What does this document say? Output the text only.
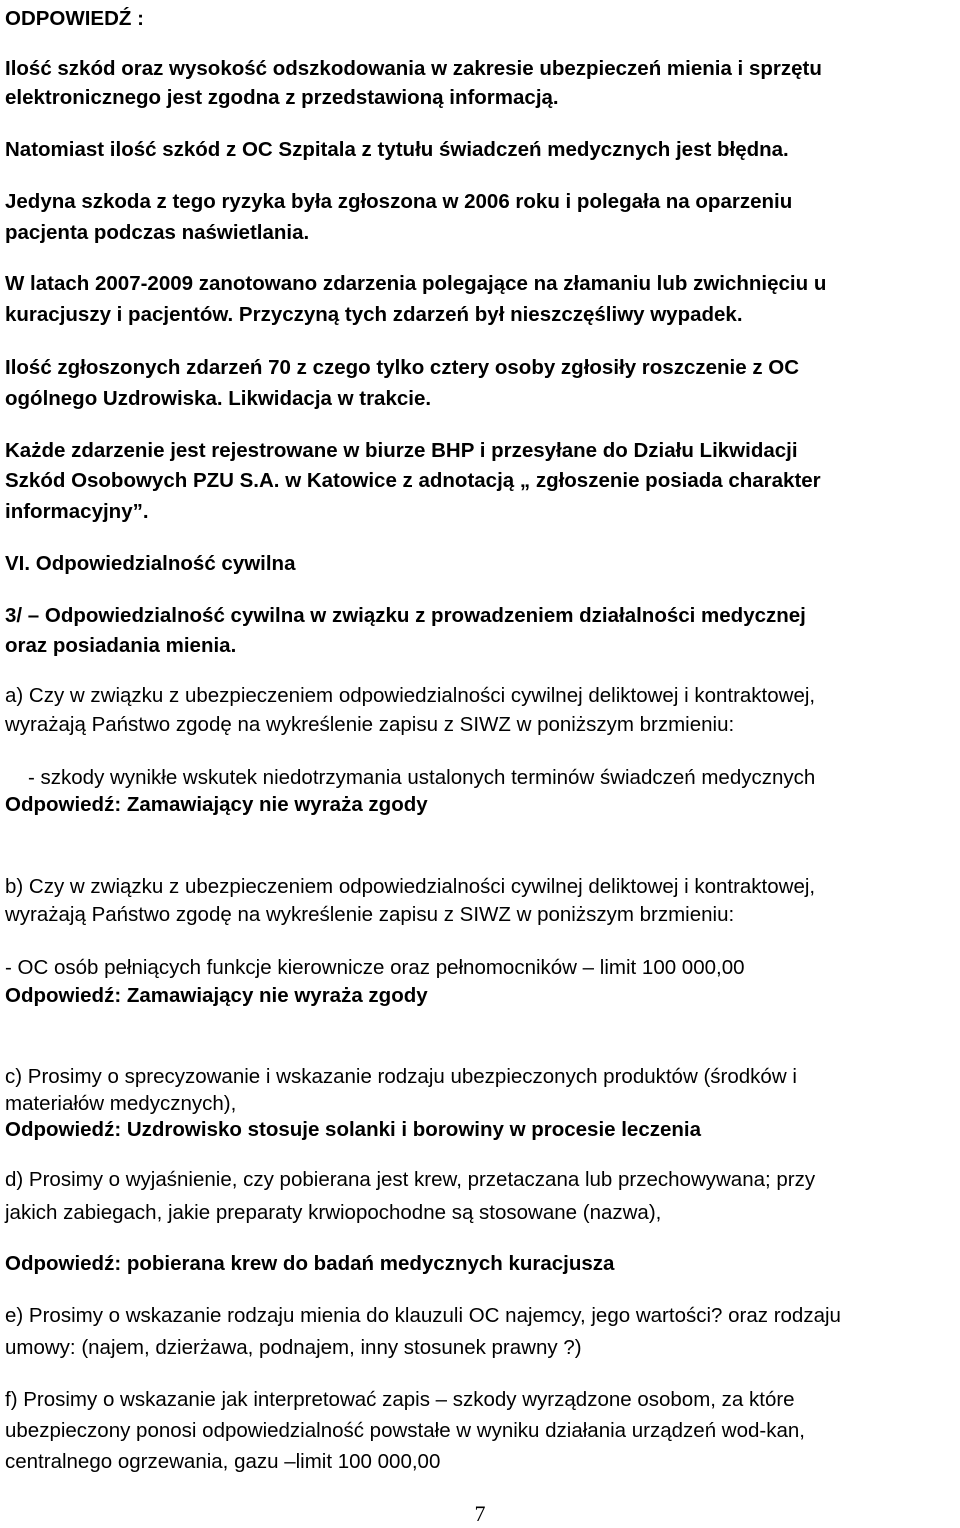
ODPOWIEDŹ :

Ilość szkód oraz wysokość odszkodowania w zakresie ubezpieczeń mienia i sprzętu

elektronicznego jest zgodna z przedstawioną informacją.

Natomiast ilość szkód z OC Szpitala z tytułu świadczeń medycznych jest błędna.

Jedyna szkoda z tego ryzyka była zgłoszona w 2006 roku i polegała na oparzeniu

pacjenta podczas naświetlania.

W latach 2007-2009 zanotowano zdarzenia polegające na złamaniu lub zwichnięciu u

kuracjuszy i pacjentów. Przyczyną tych zdarzeń był nieszczęśliwy wypadek.

Ilość zgłoszonych zdarzeń 70 z czego tylko cztery osoby zgłosiły roszczenie z OC

ogólnego Uzdrowiska. Likwidacja w trakcie.

Każde zdarzenie jest rejestrowane w biurze BHP i przesyłane do Działu Likwidacji

Szkód Osobowych PZU S.A. w Katowice z adnotacją „ zgłoszenie posiada charakter

informacyjny”.

VI. Odpowiedzialność cywilna

3/ – Odpowiedzialność cywilna w związku z prowadzeniem działalności medycznej

oraz posiadania mienia.

a) Czy w związku z ubezpieczeniem odpowiedzialności cywilnej deliktowej i kontraktowej,

wyrażają Państwo zgodę na wykreślenie zapisu z SIWZ w poniższym brzmieniu:

- szkody wynikłe wskutek niedotrzymania ustalonych terminów świadczeń medycznych

Odpowiedź: Zamawiający nie wyraża zgody

b) Czy w związku z ubezpieczeniem odpowiedzialności cywilnej deliktowej i kontraktowej,

wyrażają Państwo zgodę na wykreślenie zapisu z SIWZ w poniższym brzmieniu:

- OC osób pełniących funkcje kierownicze oraz pełnomocników – limit 100 000,00

Odpowiedź: Zamawiający nie wyraża zgody

c) Prosimy o sprecyzowanie i wskazanie rodzaju ubezpieczonych produktów (środków i

materiałów medycznych),

Odpowiedź: Uzdrowisko stosuje solanki i borowiny w procesie leczenia

d) Prosimy o wyjaśnienie, czy pobierana jest krew, przetaczana lub przechowywana; przy

jakich zabiegach, jakie preparaty krwiopochodne są stosowane (nazwa),

Odpowiedź: pobierana krew do badań medycznych kuracjusza

e) Prosimy o wskazanie rodzaju mienia do klauzuli OC najemcy, jego wartości? oraz rodzaju

umowy: (najem, dzierżawa, podnajem, inny stosunek prawny ?)

f) Prosimy o wskazanie jak interpretować zapis – szkody wyrządzone osobom, za które

ubezpieczony ponosi odpowiedzialność powstałe w wyniku działania urządzeń wod-kan,

centralnego ogrzewania, gazu –limit 100 000,00

7
